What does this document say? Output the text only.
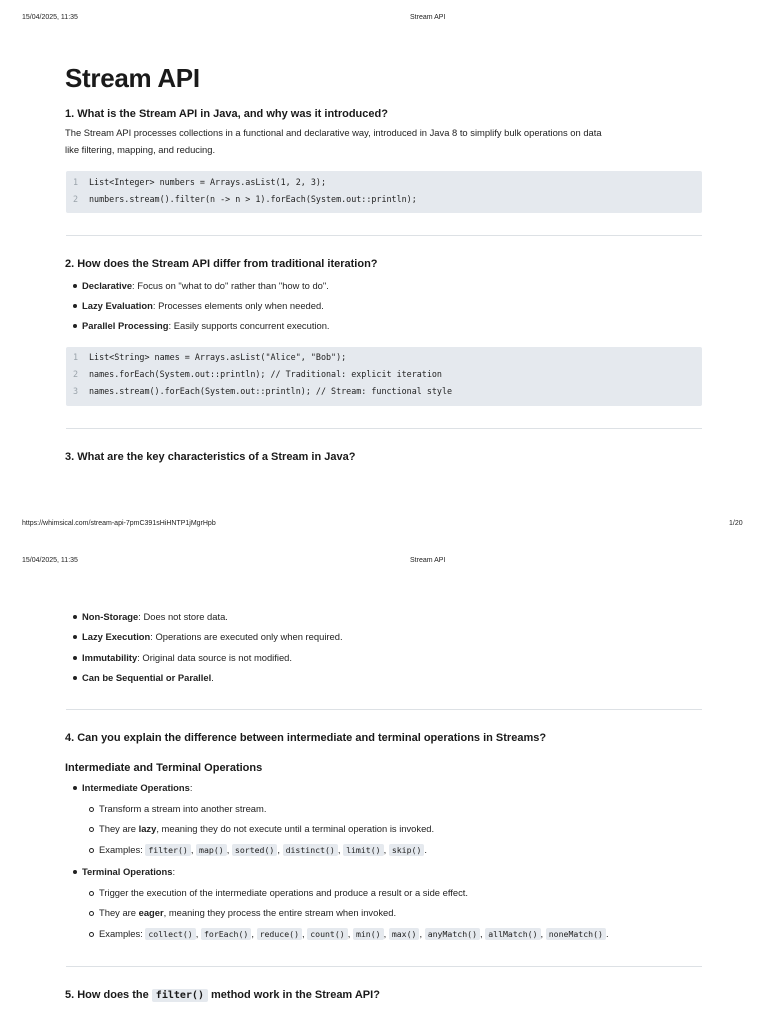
15/04/2025, 11:35	Stream API
Stream API
1. What is the Stream API in Java, and why was it introduced?
The Stream API processes collections in a functional and declarative way, introduced in Java 8 to simplify bulk operations on data
like filtering, mapping, and reducing.
1	List<Integer> numbers = Arrays.asList(1, 2, 3);
2	numbers.stream().filter(n -> n > 1).forEach(System.out::println);
2. How does the Stream API differ from traditional iteration?
Declarative: Focus on "what to do" rather than "how to do".
Lazy Evaluation: Processes elements only when needed.
Parallel Processing: Easily supports concurrent execution.
1	List<String> names = Arrays.asList("Alice", "Bob");
2	names.forEach(System.out::println); // Traditional: explicit iteration
3	names.stream().forEach(System.out::println); // Stream: functional style
3. What are the key characteristics of a Stream in Java?
https://whimsical.com/stream-api-7pmC391sHiHNTP1jMgrHpb	1/20
15/04/2025, 11:35	Stream API
Non-Storage: Does not store data.
Lazy Execution: Operations are executed only when required.
Immutability: Original data source is not modified.
Can be Sequential or Parallel.
4. Can you explain the difference between intermediate and terminal operations in Streams?
Intermediate and Terminal Operations
Intermediate Operations:
Transform a stream into another stream.
They are lazy, meaning they do not execute until a terminal operation is invoked.
Examples: filter() , map() , sorted() , distinct() , limit() , skip() .
Terminal Operations:
Trigger the execution of the intermediate operations and produce a result or a side effect.
They are eager, meaning they process the entire stream when invoked.
Examples: collect() , forEach() , reduce() , count() , min() , max() , anyMatch() , allMatch() , noneMatch() .
5. How does the filter() method work in the Stream API?
